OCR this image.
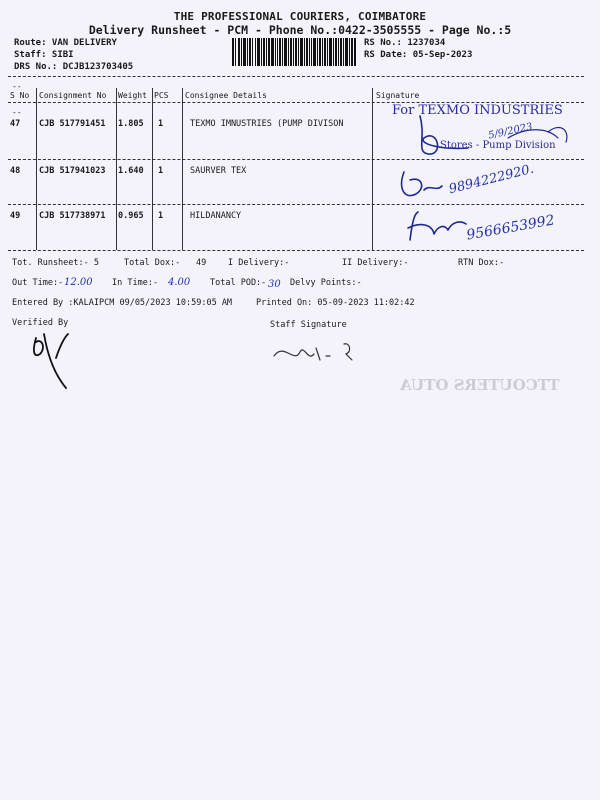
THE PROFESSIONAL COURIERS, COIMBATORE
Delivery Runsheet - PCM - Phone No.:0422-3505555 - Page No.:5
Route: VAN DELIVERY
Staff: SIBI
DRS No.: DCJB123703405
RS No.: 1237034
RS Date: 05-Sep-2023
--
S No Consignment No Weight PCS Consignee Details	Signature
--
47 CJB 517791451 1.805 1	TEXMO IMNUSTRIES (PUMP DIVISON
48 CJB 517941023 1.640 1	SAURVER TEX
49 CJB 517738971 0.965 1	HILDANANCY
For TEXMO INDUSTRIES
Stores - Pump Division
5/9/2023
9894222920.
9566653992
Tot. Runsheet:- 5	Total Dox:- 49	I Delivery:-	II Delivery:-	RTN Dox:-
Out Time:- 12.00 In Time:- 4.00 Total POD:- 30 Delvy Points:-
Entered By :KALAIPCM 09/05/2023 10:59:05 AM	Printed On: 05-09-2023 11:02:42
Verified By	Staff Signature
TTCOUTERS OTUA
